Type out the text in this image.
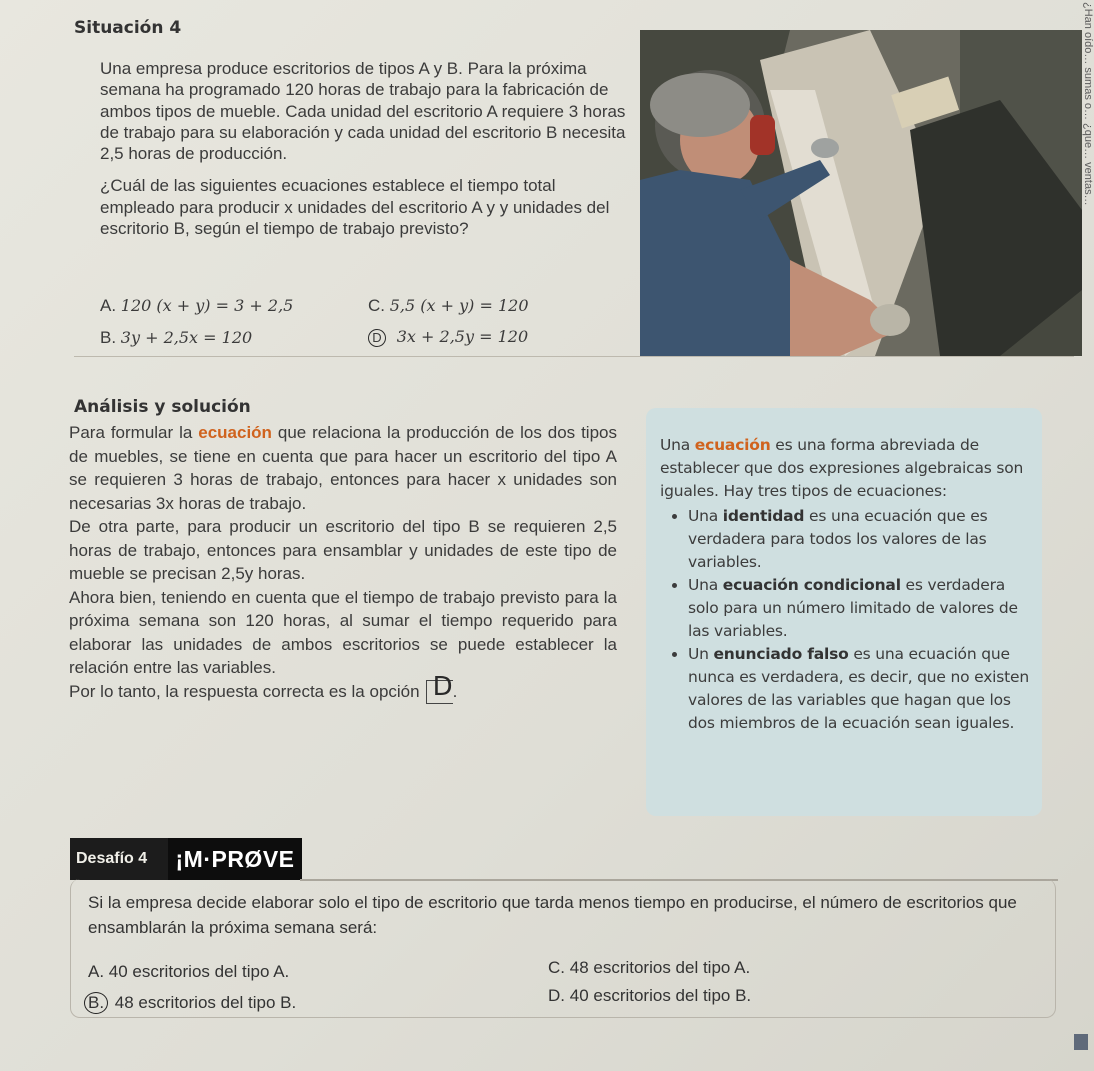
Situación 4

Una empresa produce escritorios de tipos A y B. Para la próxima semana ha programado 120 horas de trabajo para la fabricación de ambos tipos de mueble. Cada unidad del escritorio A requiere 3 horas de trabajo para su elaboración y cada unidad del escritorio B necesita 2,5 horas de producción.

¿Cuál de las siguientes ecuaciones establece el tiempo total empleado para producir x unidades del escritorio A y y unidades del escritorio B, según el tiempo de trabajo previsto?

A. 120 (x + y) = 3 + 2,5
B. 3y + 2,5x = 120
C. 5,5 (x + y) = 120
D 3x + 2,5y = 120
¿Han oído… sumas o… ¿que… ventas…
Análisis y solución

Para formular la ecuación que relaciona la producción de los dos tipos de muebles, se tiene en cuenta que para hacer un escritorio del tipo A se requieren 3 horas de trabajo, entonces para hacer x unidades son necesarias 3x horas de trabajo.

De otra parte, para producir un escritorio del tipo B se requieren 2,5 horas de trabajo, entonces para ensamblar y unidades de este tipo de mueble se precisan 2,5y horas.

Ahora bien, teniendo en cuenta que el tiempo de trabajo previsto para la próxima semana son 120 horas, al sumar el tiempo requerido para elaborar las unidades de ambos escritorios se puede establecer la relación entre las variables.

Por lo tanto, la respuesta correcta es la opción D .

Una ecuación es una forma abreviada de establecer que dos expresiones algebraicas son iguales. Hay tres tipos de ecuaciones:
• Una identidad es una ecuación que es verdadera para todos los valores de las variables.
• Una ecuación condicional es verdadera solo para un número limitado de valores de las variables.
• Un enunciado falso es una ecuación que nunca es verdadera, es decir, que no existen valores de las variables que hagan que los dos miembros de la ecuación sean iguales.
Desafío 4	¡M·PRØVE
Si la empresa decide elaborar solo el tipo de escritorio que tarda menos tiempo en producirse, el número de escritorios que ensamblarán la próxima semana será:
A. 40 escritorios del tipo A.
B. 48 escritorios del tipo B.
C. 48 escritorios del tipo A.
D. 40 escritorios del tipo B.
